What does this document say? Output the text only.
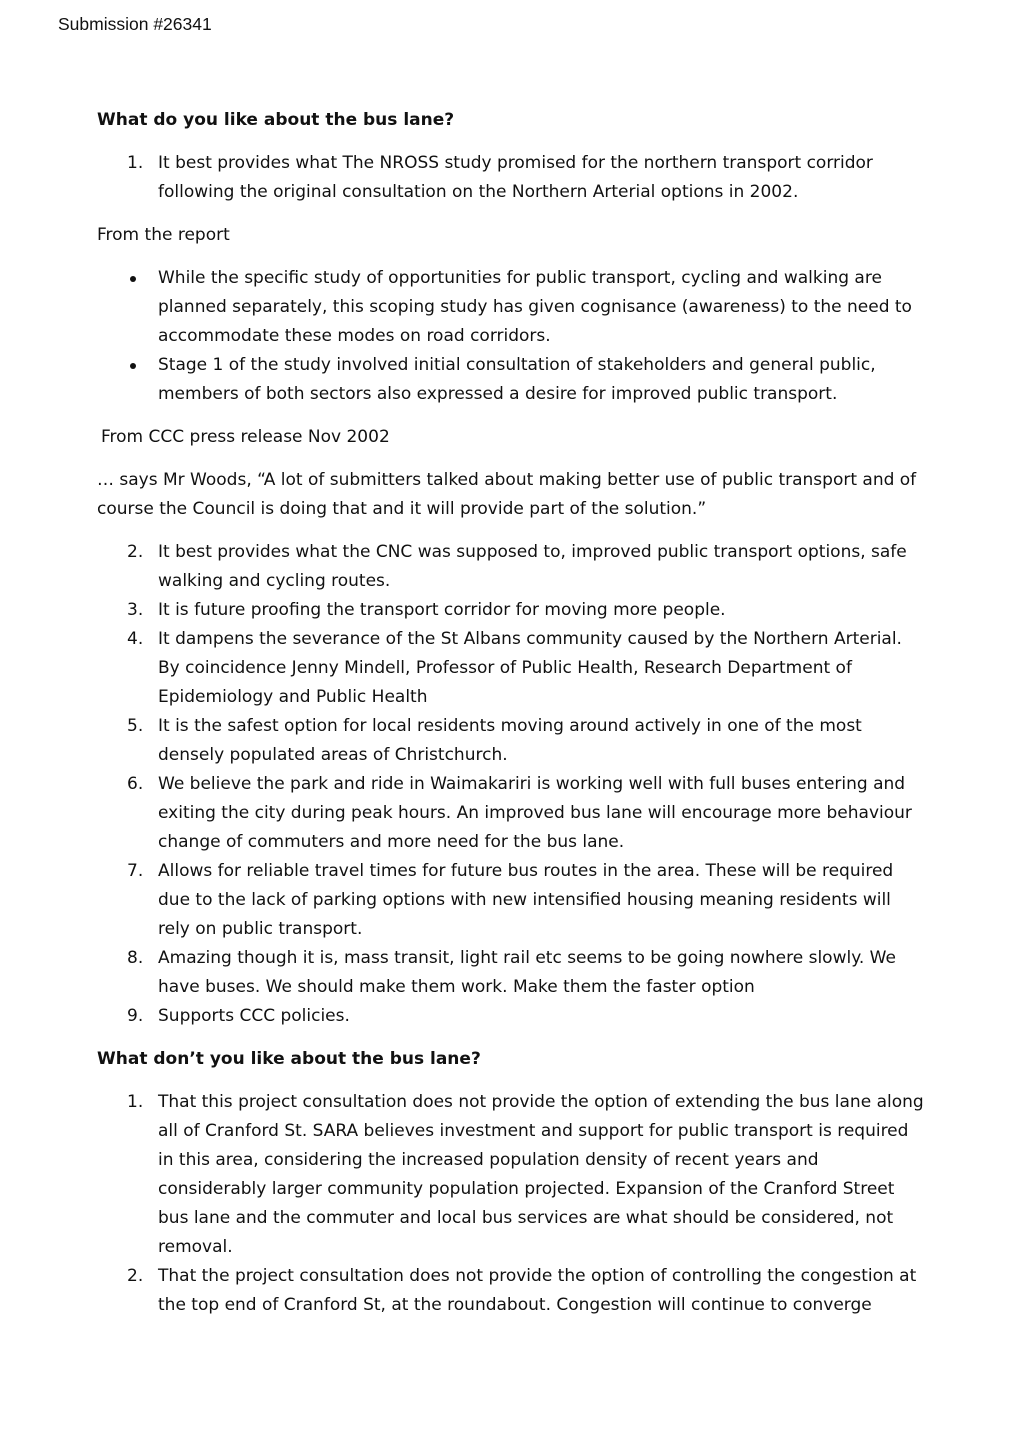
Submission #26341
What do you like about the bus lane?
1. It best provides what The NROSS study promised for the northern transport corridor following the original consultation on the Northern Arterial options in 2002.
From the report
While the specific study of opportunities for public transport, cycling and walking are planned separately, this scoping study has given cognisance (awareness) to the need to accommodate these modes on road corridors.
Stage 1 of the study involved initial consultation of stakeholders and general public, members of both sectors also expressed a desire for improved public transport.
From CCC press release Nov 2002
… says Mr Woods, “A lot of submitters talked about making better use of public transport and of course the Council is doing that and it will provide part of the solution.”
2. It best provides what the CNC was supposed to, improved public transport options, safe walking and cycling routes.
3. It is future proofing the transport corridor for moving more people.
4. It dampens the severance of the St Albans community caused by the Northern Arterial. By coincidence Jenny Mindell, Professor of Public Health, Research Department of Epidemiology and Public Health
5. It is the safest option for local residents moving around actively in one of the most densely populated areas of Christchurch.
6. We believe the park and ride in Waimakariri is working well with full buses entering and exiting the city during peak hours. An improved bus lane will encourage more behaviour change of commuters and more need for the bus lane.
7. Allows for reliable travel times for future bus routes in the area. These will be required due to the lack of parking options with new intensified housing meaning residents will rely on public transport.
8. Amazing though it is, mass transit, light rail etc seems to be going nowhere slowly. We have buses. We should make them work. Make them the faster option
9. Supports CCC policies.
What don’t you like about the bus lane?
1. That this project consultation does not provide the option of extending the bus lane along all of Cranford St. SARA believes investment and support for public transport is required in this area, considering the increased population density of recent years and considerably larger community population projected. Expansion of the Cranford Street bus lane and the commuter and local bus services are what should be considered, not removal.
2. That the project consultation does not provide the option of controlling the congestion at the top end of Cranford St, at the roundabout. Congestion will continue to converge
